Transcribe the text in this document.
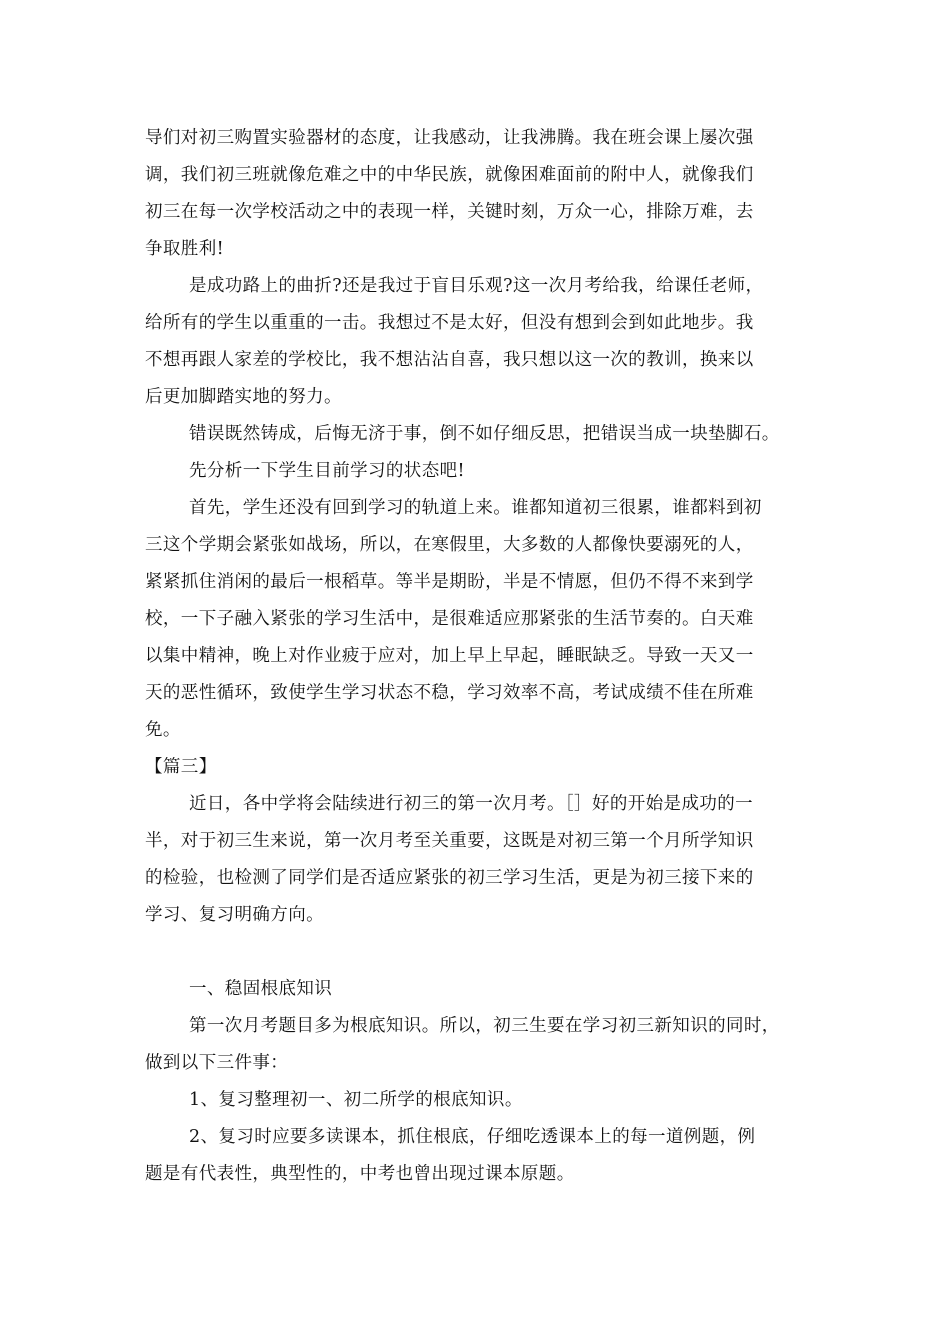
导们对初三购置实验器材的态度，让我感动，让我沸腾。我在班会课上屡次强
调，我们初三班就像危难之中的中华民族，就像困难面前的附中人，就像我们
初三在每一次学校活动之中的表现一样，关键时刻，万众一心，排除万难，去
争取胜利!
是成功路上的曲折?还是我过于盲目乐观?这一次月考给我，给课任老师，
给所有的学生以重重的一击。我想过不是太好，但没有想到会到如此地步。我
不想再跟人家差的学校比，我不想沾沾自喜，我只想以这一次的教训，换来以
后更加脚踏实地的努力。
错误既然铸成，后悔无济于事，倒不如仔细反思，把错误当成一块垫脚石。
先分析一下学生目前学习的状态吧!
首先，学生还没有回到学习的轨道上来。谁都知道初三很累，谁都料到初
三这个学期会紧张如战场，所以，在寒假里，大多数的人都像快要溺死的人，
紧紧抓住消闲的最后一根稻草。等半是期盼，半是不情愿，但仍不得不来到学
校，一下子融入紧张的学习生活中，是很难适应那紧张的生活节奏的。白天难
以集中精神，晚上对作业疲于应对，加上早上早起，睡眠缺乏。导致一天又一
天的恶性循环，致使学生学习状态不稳，学习效率不高，考试成绩不佳在所难
免。
【篇三】
近日，各中学将会陆续进行初三的第一次月考。［］好的开始是成功的一
半，对于初三生来说，第一次月考至关重要，这既是对初三第一个月所学知识
的检验，也检测了同学们是否适应紧张的初三学习生活，更是为初三接下来的
学习、复习明确方向。
一、稳固根底知识
第一次月考题目多为根底知识。所以，初三生要在学习初三新知识的同时，
做到以下三件事：
1、复习整理初一、初二所学的根底知识。
2、复习时应要多读课本，抓住根底，仔细吃透课本上的每一道例题，例
题是有代表性，典型性的，中考也曾出现过课本原题。
